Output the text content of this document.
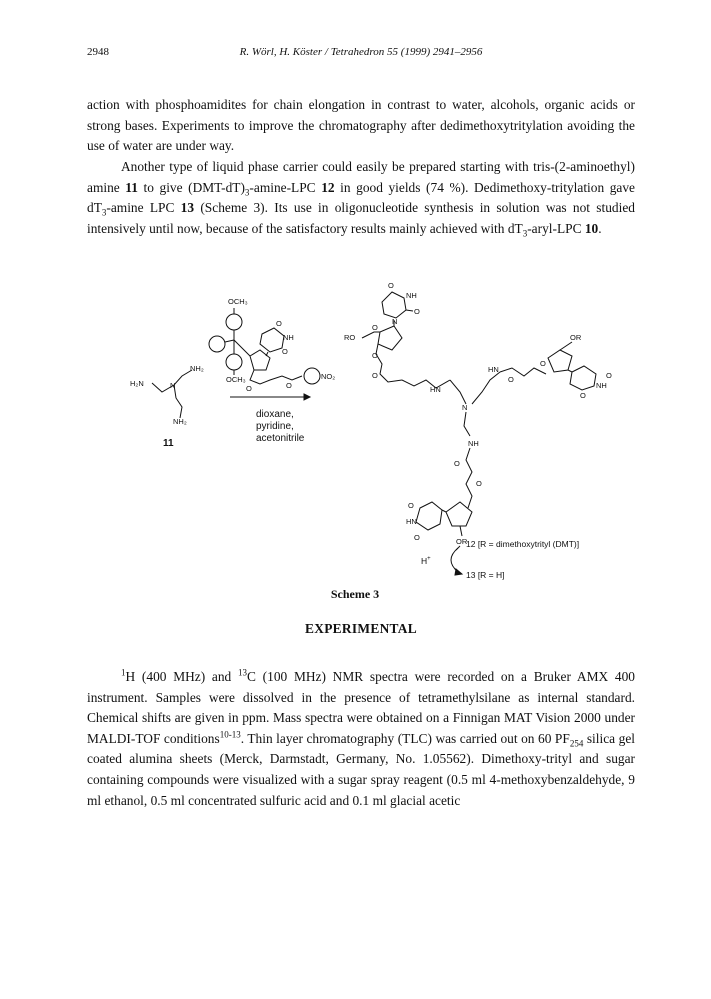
2948	R. Wörl, H. Köster / Tetrahedron 55 (1999) 2941–2956

action with phosphoamidites for chain elongation in contrast to water, alcohols, organic acids or strong bases. Experiments to improve the chromatography after dedimethoxytritylation avoiding the use of water are under way.

Another type of liquid phase carrier could easily be prepared starting with tris-(2-aminoethyl) amine 11 to give $(DMT-dT)_3-amine$-LPC 12 in good yields (74 %). Dedimethoxy-tritylation gave $dT_3$-amine LPC 13 (Scheme 3). Its use in oligonucleotide synthesis in solution was not studied intensively until now, because of the satisfactory results mainly achieved with $dT_3-aryl$-LPC 10.

H₂N	N
NH₂
NH₂
11
OCH₃
OCH₃
O
NH
O
O	O
NO₂
dioxane,
pyridine,
acetonitrile
O
NH
O
N
RO
O
O
O
HN
N
HN
O
O
OR
NH
O
O
NH
O
O
O
HN
O	OR
H+
12 [R = dimethoxytrityl (DMT)]
13 [R = H]
Scheme 3
EXPERIMENTAL

$^1$H (400 MHz) and $^{13}$C (100 MHz) NMR spectra were recorded on a Bruker AMX 400 instrument. Samples were dissolved in the presence of tetramethylsilane as internal standard. Chemical shifts are given in ppm. Mass spectra were obtained on a Finnigan MAT Vision 2000 under MALDI-TOF conditions$^{10-13}$. Thin layer chromatography (TLC) was carried out on 60 $PF_{254}$ silica gel coated alumina sheets (Merck, Darmstadt, Germany, No. 1.05562). Dimethoxy-trityl and sugar containing compounds were visualized with a sugar spray reagent (0.5 ml 4-methoxybenzaldehyde, 9 ml ethanol, 0.5 ml concentrated sulfuric acid and 0.1 ml glacial acetic
